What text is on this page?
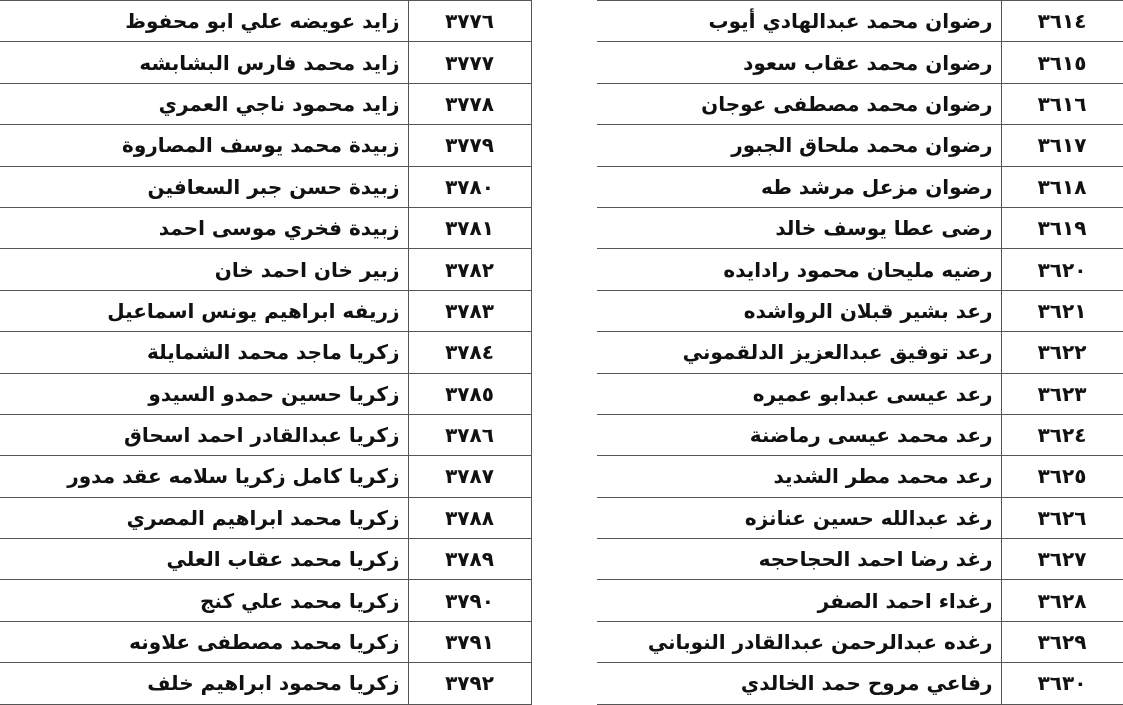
٣٦١٤	رضوان محمد عبدالهادي أيوب
٣٦١٥	رضوان محمد عقاب سعود
٣٦١٦	رضوان محمد مصطفى عوجان
٣٦١٧	رضوان محمد ملحاق الجبور
٣٦١٨	رضوان مزعل مرشد طه
٣٦١٩	رضى عطا يوسف خالد
٣٦٢٠	رضيه مليحان محمود رادايده
٣٦٢١	رعد بشير قبلان الرواشده
٣٦٢٢	رعد توفيق عبدالعزيز الدلقموني
٣٦٢٣	رعد عيسى عبدابو عميره
٣٦٢٤	رعد محمد عيسى رماضنة
٣٦٢٥	رعد محمد مطر الشديد
٣٦٢٦	رغد عبدالله حسين عنانزه
٣٦٢٧	رغد رضا احمد الحجاحجه
٣٦٢٨	رغداء احمد الصفر
٣٦٢٩	رغده عبدالرحمن عبدالقادر النوباني
٣٦٣٠	رفاعي مروح حمد الخالدي
٣٧٧٦	زايد عويضه علي ابو محفوظ
٣٧٧٧	زايد محمد فارس البشابشه
٣٧٧٨	زايد محمود ناجي العمري
٣٧٧٩	زبيدة محمد يوسف المصاروة
٣٧٨٠	زبيدة حسن جبر السعافين
٣٧٨١	زبيدة فخري موسى احمد
٣٧٨٢	زبير خان احمد خان
٣٧٨٣	زريفه ابراهيم يونس اسماعيل
٣٧٨٤	زكريا ماجد محمد الشمايلة
٣٧٨٥	زكريا حسين حمدو السيدو
٣٧٨٦	زكريا عبدالقادر احمد اسحاق
٣٧٨٧	زكريا كامل زكريا سلامه عقد مدور
٣٧٨٨	زكريا محمد ابراهيم المصري
٣٧٨٩	زكريا محمد عقاب العلي
٣٧٩٠	زكريا محمد علي كنج
٣٧٩١	زكريا محمد مصطفى علاونه
٣٧٩٢	زكريا محمود ابراهيم خلف
